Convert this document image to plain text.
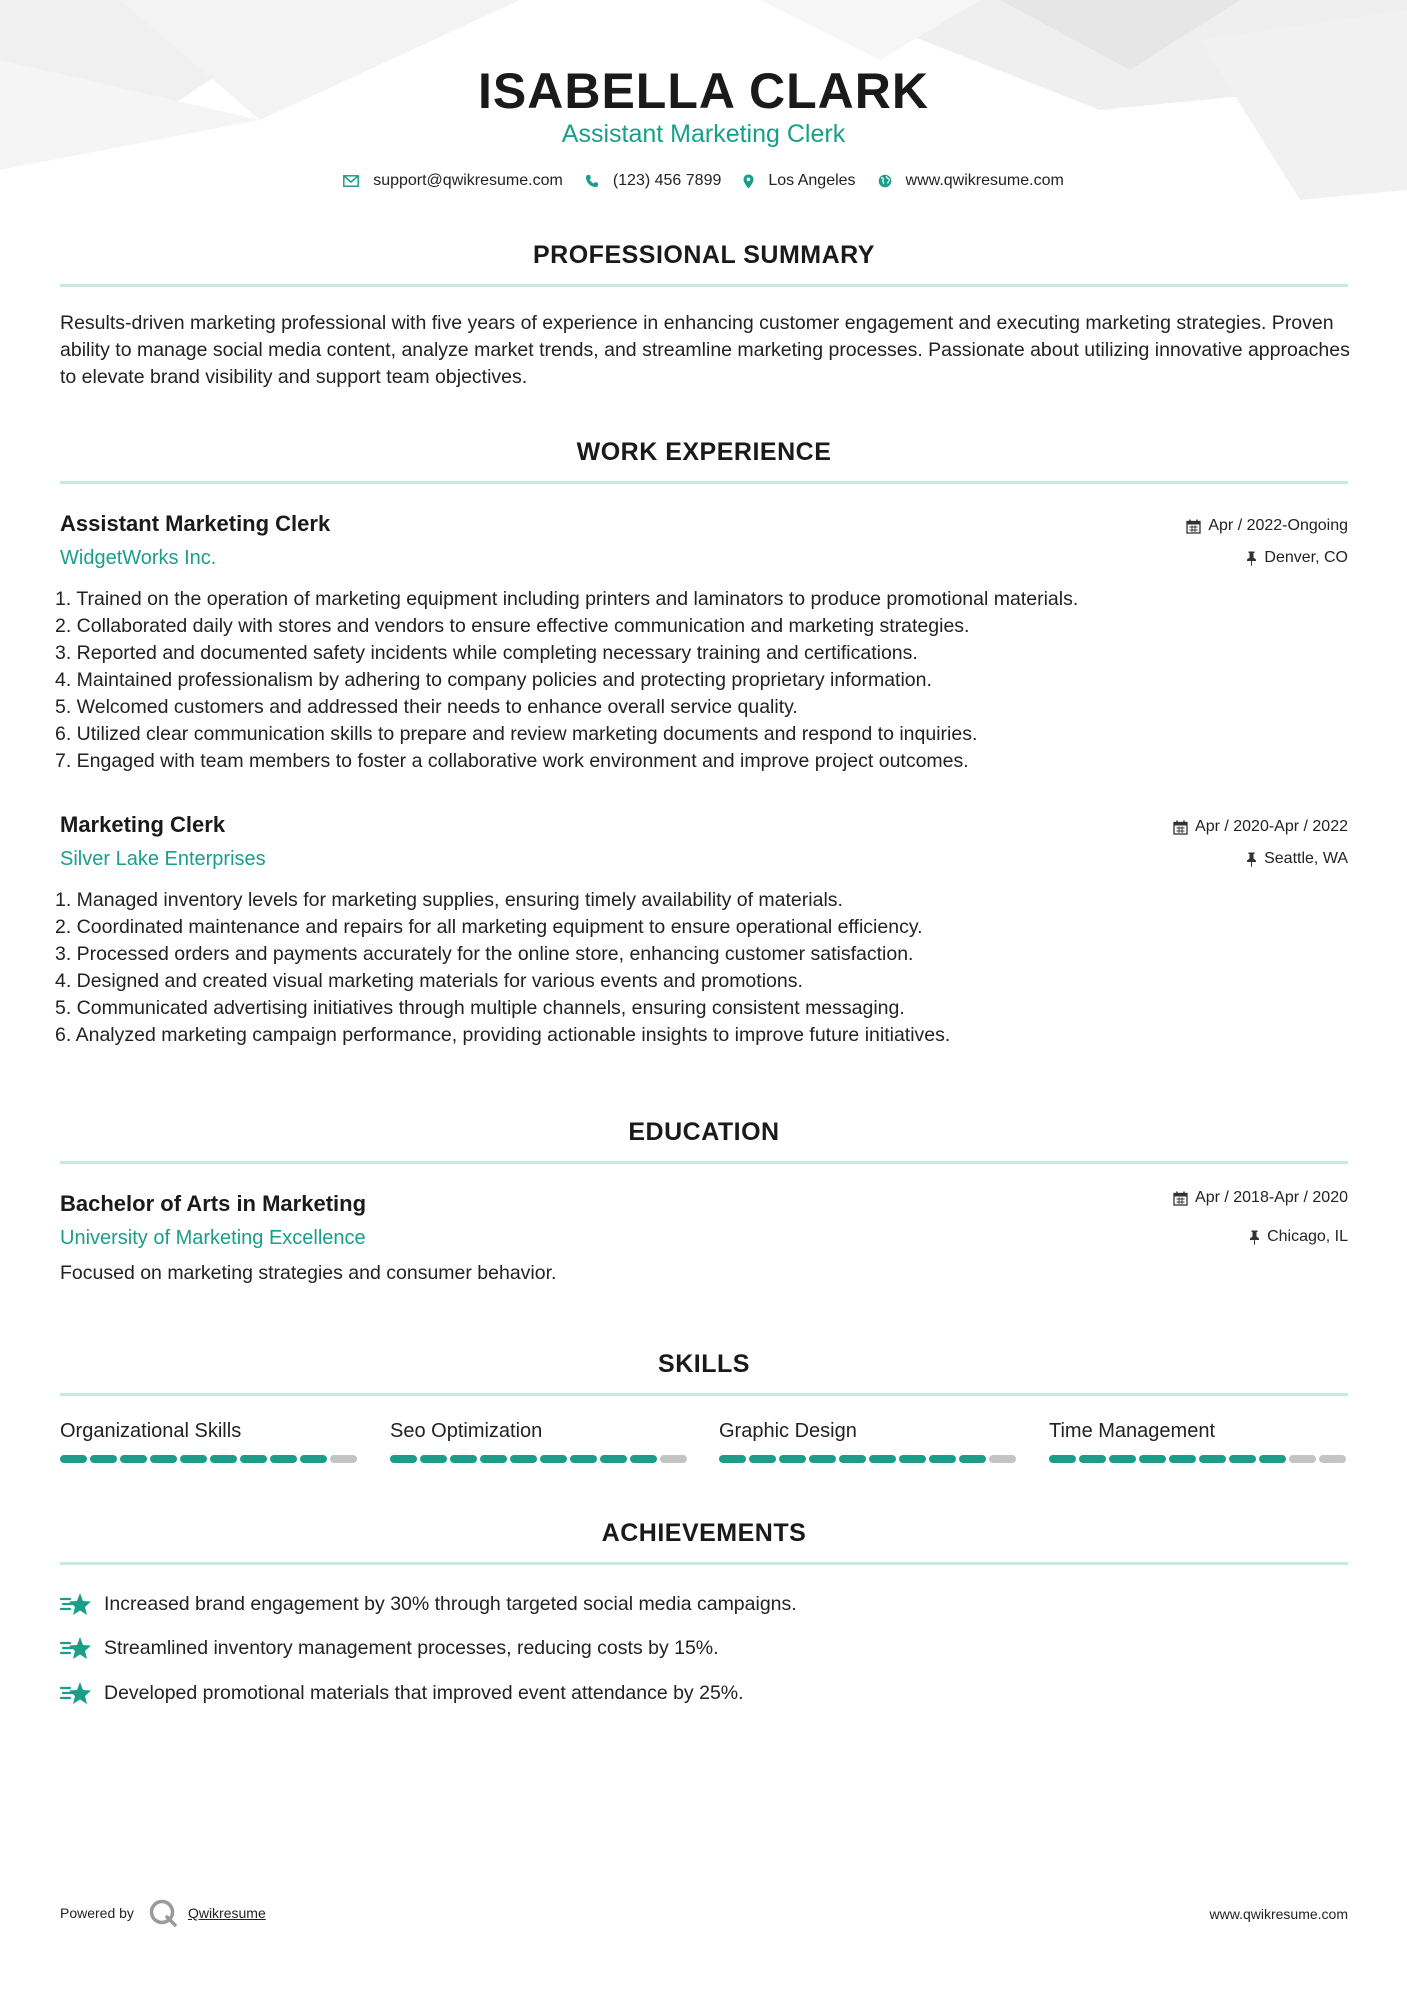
ISABELLA CLARK
Assistant Marketing Clerk
support@qwikresume.com	(123) 456 7899	Los Angeles	www.qwikresume.com
PROFESSIONAL SUMMARY
Results-driven marketing professional with five years of experience in enhancing customer engagement and executing marketing strategies. Proven ability to manage social media content, analyze market trends, and streamline marketing processes. Passionate about utilizing innovative approaches to elevate brand visibility and support team objectives.
WORK EXPERIENCE
Assistant Marketing Clerk
WidgetWorks Inc.
Apr / 2022-Ongoing
Denver, CO
1. Trained on the operation of marketing equipment including printers and laminators to produce promotional materials.
2. Collaborated daily with stores and vendors to ensure effective communication and marketing strategies.
3. Reported and documented safety incidents while completing necessary training and certifications.
4. Maintained professionalism by adhering to company policies and protecting proprietary information.
5. Welcomed customers and addressed their needs to enhance overall service quality.
6. Utilized clear communication skills to prepare and review marketing documents and respond to inquiries.
7. Engaged with team members to foster a collaborative work environment and improve project outcomes.
Marketing Clerk
Silver Lake Enterprises
Apr / 2020-Apr / 2022
Seattle, WA
1. Managed inventory levels for marketing supplies, ensuring timely availability of materials.
2. Coordinated maintenance and repairs for all marketing equipment to ensure operational efficiency.
3. Processed orders and payments accurately for the online store, enhancing customer satisfaction.
4. Designed and created visual marketing materials for various events and promotions.
5. Communicated advertising initiatives through multiple channels, ensuring consistent messaging.
6. Analyzed marketing campaign performance, providing actionable insights to improve future initiatives.
EDUCATION
Bachelor of Arts in Marketing
University of Marketing Excellence
Apr / 2018-Apr / 2020
Chicago, IL
Focused on marketing strategies and consumer behavior.
SKILLS
Organizational Skills	Seo Optimization	Graphic Design	Time Management
ACHIEVEMENTS
Increased brand engagement by 30% through targeted social media campaigns.
Streamlined inventory management processes, reducing costs by 15%.
Developed promotional materials that improved event attendance by 25%.
Powered by	Qwikresume	www.qwikresume.com
